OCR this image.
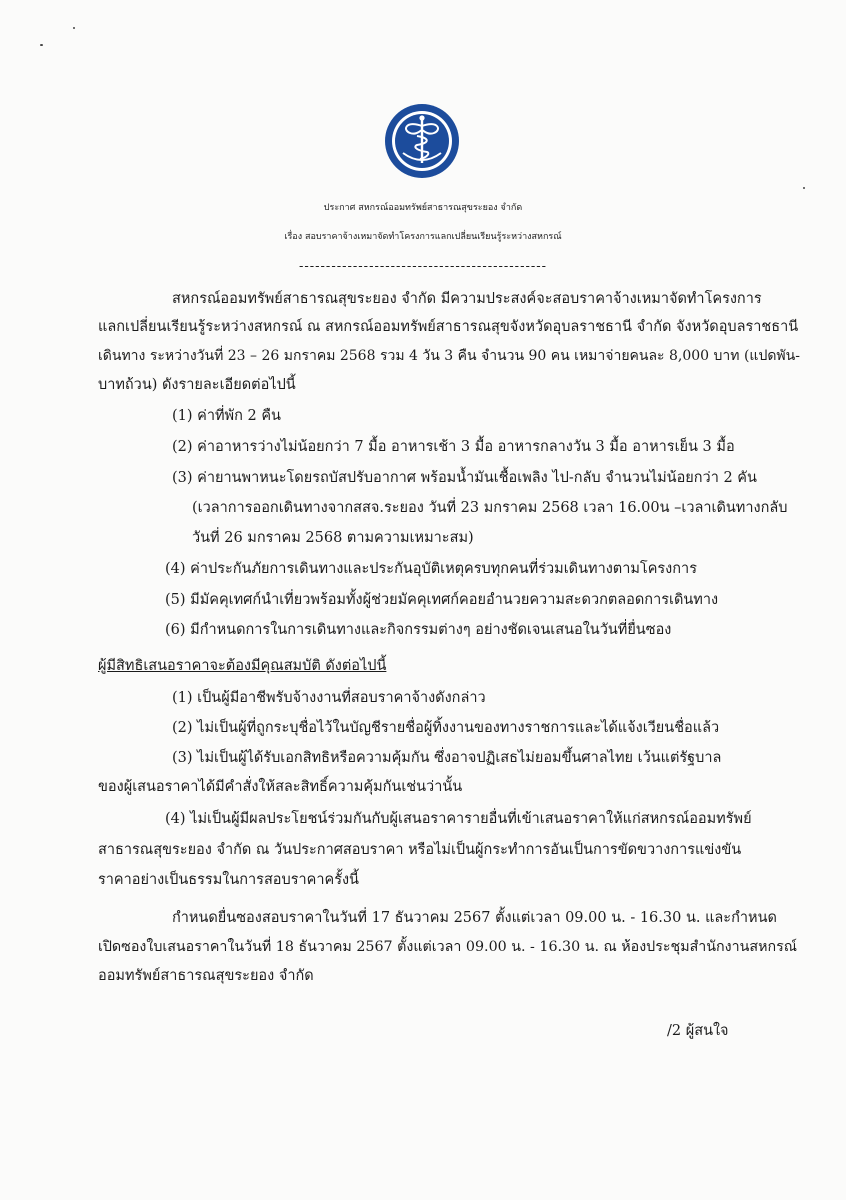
ประกาศ สหกรณ์ออมทรัพย์สาธารณสุขระยอง จำกัด
เรื่อง สอบราคาจ้างเหมาจัดทำโครงการแลกเปลี่ยนเรียนรู้ระหว่างสหกรณ์
----------------------------------------------
สหกรณ์ออมทรัพย์สาธารณสุขระยอง จำกัด มีความประสงค์จะสอบราคาจ้างเหมาจัดทำโครงการ
แลกเปลี่ยนเรียนรู้ระหว่างสหกรณ์ ณ สหกรณ์ออมทรัพย์สาธารณสุขจังหวัดอุบลราชธานี จำกัด จังหวัดอุบลราชธานี
เดินทาง ระหว่างวันที่ 23 – 26 มกราคม 2568 รวม 4 วัน 3 คืน จำนวน 90 คน เหมาจ่ายคนละ 8,000 บาท (แปดพัน-
บาทถ้วน) ดังรายละเอียดต่อไปนี้
(1) ค่าที่พัก 2 คืน
(2) ค่าอาหารว่างไม่น้อยกว่า 7 มื้อ อาหารเช้า 3 มื้อ อาหารกลางวัน 3 มื้อ อาหารเย็น 3 มื้อ
(3) ค่ายานพาหนะโดยรถบัสปรับอากาศ พร้อมน้ำมันเชื้อเพลิง ไป-กลับ จำนวนไม่น้อยกว่า 2 คัน
(เวลาการออกเดินทางจากสสจ.ระยอง วันที่ 23 มกราคม 2568 เวลา 16.00น –เวลาเดินทางกลับ
วันที่ 26 มกราคม 2568 ตามความเหมาะสม)
(4) ค่าประกันภัยการเดินทางและประกันอุบัติเหตุครบทุกคนที่ร่วมเดินทางตามโครงการ
(5) มีมัคคุเทศก์นำเที่ยวพร้อมทั้งผู้ช่วยมัคคุเทศก์คอยอำนวยความสะดวกตลอดการเดินทาง
(6) มีกำหนดการในการเดินทางและกิจกรรมต่างๆ อย่างชัดเจนเสนอในวันที่ยื่นซอง
ผู้มีสิทธิเสนอราคาจะต้องมีคุณสมบัติ ดังต่อไปนี้
(1) เป็นผู้มีอาชีพรับจ้างงานที่สอบราคาจ้างดังกล่าว
(2) ไม่เป็นผู้ที่ถูกระบุชื่อไว้ในบัญชีรายชื่อผู้ทิ้งงานของทางราชการและได้แจ้งเวียนชื่อแล้ว
(3) ไม่เป็นผู้ได้รับเอกสิทธิหรือความคุ้มกัน ซึ่งอาจปฏิเสธไม่ยอมขึ้นศาลไทย เว้นแต่รัฐบาล
ของผู้เสนอราคาได้มีคำสั่งให้สละสิทธิ์ความคุ้มกันเช่นว่านั้น
(4) ไม่เป็นผู้มีผลประโยชน์ร่วมกันกับผู้เสนอราคารายอื่นที่เข้าเสนอราคาให้แก่สหกรณ์ออมทรัพย์
สาธารณสุขระยอง จำกัด ณ วันประกาศสอบราคา หรือไม่เป็นผู้กระทำการอันเป็นการขัดขวางการแข่งขัน
ราคาอย่างเป็นธรรมในการสอบราคาครั้งนี้
กำหนดยื่นซองสอบราคาในวันที่ 17 ธันวาคม 2567 ตั้งแต่เวลา 09.00 น. - 16.30 น. และกำหนด
เปิดซองใบเสนอราคาในวันที่ 18 ธันวาคม 2567 ตั้งแต่เวลา 09.00 น. - 16.30 น. ณ ห้องประชุมสำนักงานสหกรณ์
ออมทรัพย์สาธารณสุขระยอง จำกัด
/2 ผู้สนใจ
